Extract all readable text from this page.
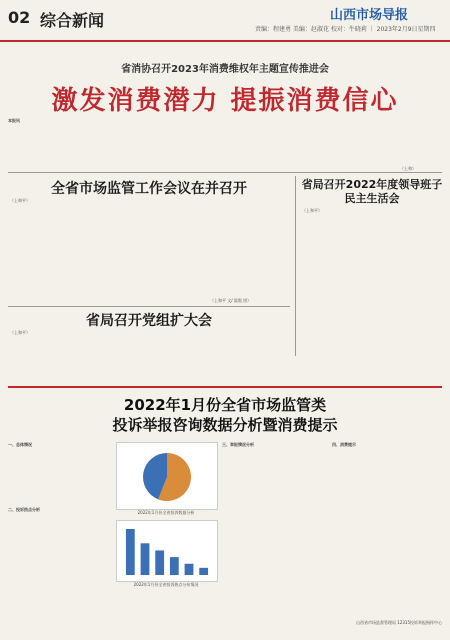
02 综合新闻	山西市场导报
责编：程建勇 美编：赵淑花 校对：牛晓莉 ｜ 2023年2月9日星期四
省消协召开2023年消费维权年主题宣传推进会
激发消费潜力 提振消费信心
本报讯
（上和）
全省市场监管工作会议在并召开
（上和平）
（上和平 文/ 晨霞 图）
省局召开2022年度领导班子民主生活会
（上和平）
省局召开党组扩大会
（上和平）
2022年1月份全省市场监管类
投诉举报咨询数据分析暨消费提示
一、总体情况

二、投诉热点分析
2022年1月份全省投诉数据分析
2022年1月份全省投诉热点分布情况
三、举报情况分析	四、消费提示
山西省市场监督管理局 12315投诉举报指挥中心
